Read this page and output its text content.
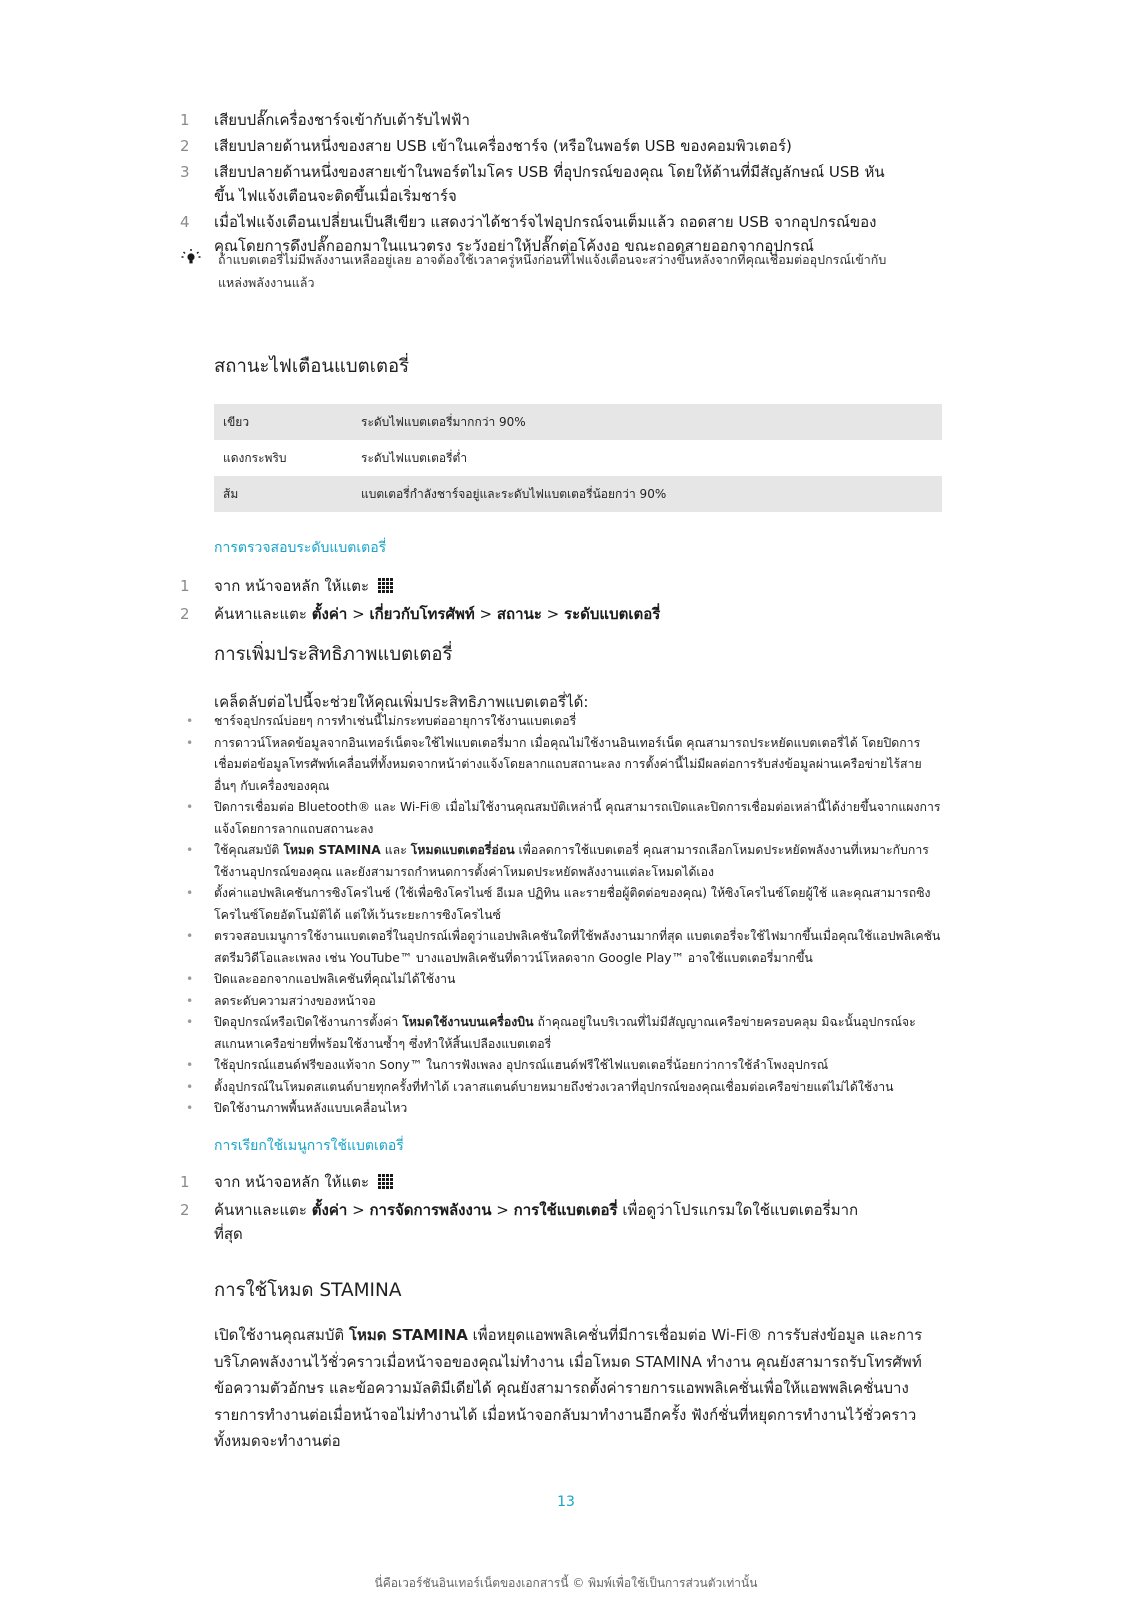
1	เสียบปลั๊กเครื่องชาร์จเข้ากับเต้ารับไฟฟ้า
2	เสียบปลายด้านหนึ่งของสาย USB เข้าในเครื่องชาร์จ (หรือในพอร์ต USB ของคอมพิวเตอร์)
3	เสียบปลายด้านหนึ่งของสายเข้าในพอร์ตไมโคร USB ที่อุปกรณ์ของคุณ โดยให้ด้านที่มีสัญลักษณ์ USB หัน
ขึ้น ไฟแจ้งเตือนจะติดขึ้นเมื่อเริ่มชาร์จ
4	เมื่อไฟแจ้งเตือนเปลี่ยนเป็นสีเขียว แสดงว่าได้ชาร์จไฟอุปกรณ์จนเต็มแล้ว ถอดสาย USB จากอุปกรณ์ของ
คุณโดยการดึงปลั๊กออกมาในแนวตรง ระวังอย่าให้ปลั๊กต่อโค้งงอ ขณะถอดสายออกจากอุปกรณ์
ถ้าแบตเตอรี่ไม่มีพลังงานเหลืออยู่เลย อาจต้องใช้เวลาครู่หนึ่งก่อนที่ไฟแจ้งเตือนจะสว่างขึ้นหลังจากที่คุณเชื่อมต่ออุปกรณ์เข้ากับ
แหล่งพลังงานแล้ว
สถานะไฟเตือนแบตเตอรี่
เขียว	ระดับไฟแบตเตอรี่มากกว่า 90%
แดงกระพริบ	ระดับไฟแบตเตอรี่ต่ำ
ส้ม	แบตเตอรี่กำลังชาร์จอยู่และระดับไฟแบตเตอรี่น้อยกว่า 90%
การตรวจสอบระดับแบตเตอรี่
1	จาก หน้าจอหลัก ให้แตะ
2	ค้นหาและแตะ ตั้งค่า > เกี่ยวกับโทรศัพท์ > สถานะ > ระดับแบตเตอรี่
การเพิ่มประสิทธิภาพแบตเตอรี่
เคล็ดลับต่อไปนี้จะช่วยให้คุณเพิ่มประสิทธิภาพแบตเตอรี่ได้:
•	ชาร์จอุปกรณ์บ่อยๆ การทำเช่นนี้ไม่กระทบต่ออายุการใช้งานแบตเตอรี่
•	การดาวน์โหลดข้อมูลจากอินเทอร์เน็ตจะใช้ไฟแบตเตอรี่มาก เมื่อคุณไม่ใช้งานอินเทอร์เน็ต คุณสามารถประหยัดแบตเตอรี่ได้ โดยปิดการ
เชื่อมต่อข้อมูลโทรศัพท์เคลื่อนที่ทั้งหมดจากหน้าต่างแจ้งโดยลากแถบสถานะลง การตั้งค่านี้ไม่มีผลต่อการรับส่งข้อมูลผ่านเครือข่ายไร้สาย
อื่นๆ กับเครื่องของคุณ
•	ปิดการเชื่อมต่อ Bluetooth® และ Wi-Fi® เมื่อไม่ใช้งานคุณสมบัติเหล่านี้ คุณสามารถเปิดและปิดการเชื่อมต่อเหล่านี้ได้ง่ายขึ้นจากแผงการ
แจ้งโดยการลากแถบสถานะลง
•	ใช้คุณสมบัติ โหมด STAMINA และ โหมดแบตเตอรี่อ่อน เพื่อลดการใช้แบตเตอรี่ คุณสามารถเลือกโหมดประหยัดพลังงานที่เหมาะกับการ
ใช้งานอุปกรณ์ของคุณ และยังสามารถกำหนดการตั้งค่าโหมดประหยัดพลังงานแต่ละโหมดได้เอง
•	ตั้งค่าแอปพลิเคชันการซิงโครไนซ์ (ใช้เพื่อซิงโครไนซ์ อีเมล ปฏิทิน และรายชื่อผู้ติดต่อของคุณ) ให้ซิงโครไนซ์โดยผู้ใช้ และคุณสามารถซิง
โครไนซ์โดยอัตโนมัติได้ แต่ให้เว้นระยะการซิงโครไนซ์
•	ตรวจสอบเมนูการใช้งานแบตเตอรี่ในอุปกรณ์เพื่อดูว่าแอปพลิเคชันใดที่ใช้พลังงานมากที่สุด แบตเตอรี่จะใช้ไฟมากขึ้นเมื่อคุณใช้แอปพลิเคชัน
สตรีมวิดีโอและเพลง เช่น YouTube™ บางแอปพลิเคชันที่ดาวน์โหลดจาก Google Play™ อาจใช้แบตเตอรี่มากขึ้น
•	ปิดและออกจากแอปพลิเคชันที่คุณไม่ได้ใช้งาน
•	ลดระดับความสว่างของหน้าจอ
•	ปิดอุปกรณ์หรือเปิดใช้งานการตั้งค่า โหมดใช้งานบนเครื่องบิน ถ้าคุณอยู่ในบริเวณที่ไม่มีสัญญาณเครือข่ายครอบคลุม มิฉะนั้นอุปกรณ์จะ
สแกนหาเครือข่ายที่พร้อมใช้งานซ้ำๆ ซึ่งทำให้สิ้นเปลืองแบตเตอรี่
•	ใช้อุปกรณ์แฮนด์ฟรีของแท้จาก Sony™ ในการฟังเพลง อุปกรณ์แฮนด์ฟรีใช้ไฟแบตเตอรี่น้อยกว่าการใช้ลำโพงอุปกรณ์
•	ตั้งอุปกรณ์ในโหมดสแตนด์บายทุกครั้งที่ทำได้ เวลาสแตนด์บายหมายถึงช่วงเวลาที่อุปกรณ์ของคุณเชื่อมต่อเครือข่ายแต่ไม่ได้ใช้งาน
•	ปิดใช้งานภาพพื้นหลังแบบเคลื่อนไหว
การเรียกใช้เมนูการใช้แบตเตอรี่
1	จาก หน้าจอหลัก ให้แตะ
2	ค้นหาและแตะ ตั้งค่า > การจัดการพลังงาน > การใช้แบตเตอรี่ เพื่อดูว่าโปรแกรมใดใช้แบตเตอรี่มาก
ที่สุด
การใช้โหมด STAMINA
เปิดใช้งานคุณสมบัติ โหมด STAMINA เพื่อหยุดแอพพลิเคชั่นที่มีการเชื่อมต่อ Wi-Fi® การรับส่งข้อมูล และการ
บริโภคพลังงานไว้ชั่วคราวเมื่อหน้าจอของคุณไม่ทำงาน เมื่อโหมด STAMINA ทำงาน คุณยังสามารถรับโทรศัพท์
ข้อความตัวอักษร และข้อความมัลติมีเดียได้ คุณยังสามารถตั้งค่ารายการแอพพลิเคชั่นเพื่อให้แอพพลิเคชั่นบาง
รายการทำงานต่อเมื่อหน้าจอไม่ทำงานได้ เมื่อหน้าจอกลับมาทำงานอีกครั้ง ฟังก์ชั่นที่หยุดการทำงานไว้ชั่วคราว
ทั้งหมดจะทำงานต่อ
13
นี่คือเวอร์ชันอินเทอร์เน็ตของเอกสารนี้ © พิมพ์เพื่อใช้เป็นการส่วนตัวเท่านั้น
